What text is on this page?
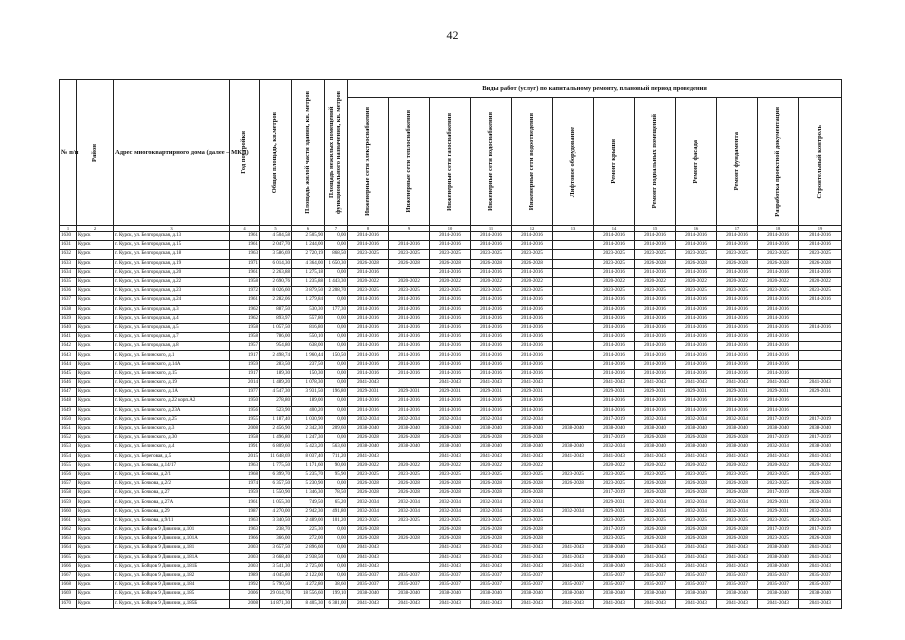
42
№ п/п	Район	Адрес многоквартирного дома (далее – МКД)	Год постройки	Общая площадь, кв.метров	Площадь жилой части здания, кв. метров	Площадь нежилых помещений функционального назначения, кв. метров	Виды работ (услуг) по капитальному ремонту, плановый период проведения											

							Инженерные сети электроснабжения	Инженерные сети теплоснабжения	Инженерные сети газоснабжения	Инженерные сети водоснабжения	Инженерные сети водоотведения	Лифтовое оборудование	Ремонт крыши	Ремонт подвальных помещений	Ремонт фасада	Ремонт фундамента	Разработка проектной документации	Строительный контроль

1	2	3	4	5	6	7	8	9	10	11	12	13	14	15	16	17	18	19
1630	Курск	г. Курск, ул. Белгородская, д.13	1961	4 504,58	2 505,90	0,00	2014-2016		2014-2016	2014-2016	2014-2016		2014-2016	2014-2016	2014-2016	2014-2016	2014-2016	2014-2016
1631	Курск	г. Курск, ул. Белгородская, д.15	1961	2 047,70	1 244,00	0,00	2014-2016	2014-2016	2014-2016	2014-2016	2014-2016		2014-2016	2014-2016	2014-2016	2014-2016	2014-2016	2014-2016
1632	Курск	г. Курск, ул. Белгородская, д.18	1963	3 586,69	2 720,19	868,50	2023-2025	2023-2025	2023-2025	2023-2025	2023-2025		2023-2025	2023-2025	2023-2025	2023-2025	2023-2025	2023-2025
1633	Курск	г. Курск, ул. Белгородская, д.19	1971	6 014,30	4 364,00	1 650,30	2026-2028	2026-2028	2026-2028	2026-2028	2026-2028		2023-2025	2026-2028	2026-2028	2026-2028	2026-2028	2026-2028
1634	Курск	г. Курск, ул. Белгородская, д.20	1961	2 263,88	1 275,18	0,00	2014-2016		2014-2016	2014-2016	2014-2016		2014-2016	2014-2016	2014-2016	2014-2016	2014-2016	2014-2016
1635	Курск	г. Курск, ул. Белгородская, д.22	1958	2 690,76	1 235,88	1 443,30	2020-2022	2020-2022	2020-2022	2020-2022	2020-2022		2020-2022	2020-2022	2020-2022	2020-2022	2020-2022	2020-2022
1636	Курск	г. Курск, ул. Белгородская, д.23	1972	8 026,60	3 879,50	2 208,70	2023-2025	2023-2025	2023-2025	2023-2025	2023-2025		2023-2025	2023-2025	2023-2025	2023-2025	2023-2025	2023-2025
1637	Курск	г. Курск, ул. Белгородская, д.24	1961	2 282,06	1 279,84	0,00	2014-2016	2014-2016	2014-2016	2014-2016	2014-2016		2014-2016	2014-2016	2014-2016	2014-2016	2014-2016	2014-2016
1638	Курск	г. Курск, ул. Белгородская, д.3	1962	887,50	530,30	177,30	2014-2016	2014-2016	2014-2016	2014-2016	2014-2016		2014-2016	2014-2016	2014-2016	2014-2016	2014-2016	
1639	Курск	г. Курск, ул. Белгородская, д.4	1962	893,97	557,80	0,00	2014-2016	2014-2016	2014-2016	2014-2016	2014-2016		2014-2016	2014-2016	2014-2016	2014-2016	2014-2016	
1640	Курск	г. Курск, ул. Белгородская, д.5	1958	1 057,50	816,80	0,00	2014-2016	2014-2016	2014-2016	2014-2016	2014-2016		2014-2016	2014-2016	2014-2016	2014-2016	2014-2016	2014-2016
1641	Курск	г. Курск, ул. Белгородская, д.7	1958	786,00	550,10	0,00	2014-2016	2014-2016	2014-2016	2014-2016	2014-2016		2014-2016	2014-2016	2014-2016	2014-2016	2014-2016	
1642	Курск	г. Курск, ул. Белгородская, д.8	1957	954,80	638,00	0,00	2014-2016	2014-2016	2014-2016	2014-2016	2014-2016		2014-2016	2014-2016	2014-2016	2014-2016	2014-2016	
1643	Курск	г. Курск, ул. Белинского, д.1	1917	2 498,74	1 960,44	150,50	2014-2016	2014-2016	2014-2016	2014-2016	2014-2016		2014-2016	2014-2016	2014-2016	2014-2016	2014-2016	
1644	Курск	г. Курск, ул. Белинского, д.14А	1959	283,50	237,50	0,00	2014-2016	2014-2016	2014-2016	2014-2016	2014-2016		2014-2016	2014-2016	2014-2016	2014-2016	2014-2016	
1645	Курск	г. Курск, ул. Белинского, д.15	1917	189,30	150,30	0,00	2014-2016	2014-2016	2014-2016	2014-2016	2014-2016		2014-2016	2014-2016	2014-2016	2014-2016	2014-2016	
1646	Курск	г. Курск, ул. Белинского, д.19	2014	1 489,20	1 078,30	0,00	2041-2043		2041-2043	2041-2043	2041-2043		2041-2043	2041-2043	2041-2043	2041-2043	2041-2043	2041-2043
1647	Курск	г. Курск, ул. Белинского, д.1А	1977	4 547,30	3 931,50	196,80	2029-2031	2029-2031	2029-2031	2029-2031	2029-2031		2029-2031	2029-2031	2029-2031	2029-2031	2029-2031	2029-2031
1648	Курск	г. Курск, ул. Белинского, д.22 корп.А2	1950	278,80	189,00	0,00	2014-2016	2014-2016	2014-2016	2014-2016	2014-2016		2014-2016	2014-2016	2014-2016	2014-2016	2014-2016	
1649	Курск	г. Курск, ул. Белинского, д.23А	1956	523,90	400,20	0,00	2014-2016	2014-2016	2014-2016	2014-2016	2014-2016		2014-2016	2014-2016	2014-2016	2014-2016	2014-2016	
1650	Курск	г. Курск, ул. Белинского, д.25	1955	1 187,40	1 030,90	0,00	2032-2034	2032-2034	2032-2034	2032-2034	2032-2034		2017-2019	2032-2034	2032-2034	2032-2034	2017-2019	2017-2019
1651	Курск	г. Курск, ул. Белинского, д.3	2008	2 456,90	2 342,30	209,60	2038-2040	2038-2040	2038-2040	2038-2040	2038-2040	2038-2040	2038-2040	2038-2040	2038-2040	2038-2040	2038-2040	2038-2040
1652	Курск	г. Курск, ул. Белинского, д.30	1958	1 496,80	1 247,30	0,00	2026-2028	2026-2028	2026-2028	2026-2028	2026-2028		2017-2019	2026-2028	2026-2028	2026-2028	2017-2019	2017-2019
1653	Курск	г. Курск, ул. Белинского, д.4	1991	6 809,60	5 423,20	563,60	2038-2040	2038-2040	2038-2040	2038-2040	2038-2040	2038-2040	2032-2034	2038-2040	2038-2040	2038-2040	2032-2034	2038-2040
1654	Курск	г. Курск, ул. Береговая, д.5	2015	11 648,69	8 037,40	711,20	2041-2043		2041-2043	2041-2043	2041-2043	2041-2043	2041-2043	2041-2043	2041-2043	2041-2043	2041-2043	2041-2043
1655	Курск	г. Курск, ул. Бочкова, д.14/17	1963	1 775,50	1 171,60	90,00	2020-2022	2020-2022	2020-2022	2020-2022	2020-2022		2020-2022	2020-2022	2020-2022	2020-2022	2020-2022	2020-2022
1656	Курск	г. Курск, ул. Бочкова, д.2/1	1968	6 399,70	5 235,70	95,90	2023-2025	2023-2025	2023-2025	2023-2025	2023-2025	2023-2025	2023-2025	2023-2025	2023-2025	2023-2025	2023-2025	2023-2025
1657	Курск	г. Курск, ул. Бочкова, д.2/2	1974	6 357,50	5 230,90	0,00	2026-2028	2026-2028	2026-2028	2026-2028	2026-2028	2026-2028	2023-2025	2026-2028	2026-2028	2026-2028	2023-2025	2026-2028
1658	Курск	г. Курск, ул. Бочкова, д.27	1959	1 550,90	1 346,30	78,50	2026-2028	2026-2028	2026-2028	2026-2028	2026-2028		2017-2019	2026-2028	2026-2028	2026-2028	2017-2019	2026-2028
1659	Курск	г. Курск, ул. Бочкова, д.27А	1961	1 055,30	749,50	65,20	2032-2034	2032-2034	2032-2034	2032-2034	2032-2034		2029-2031	2032-2034	2032-2034	2032-2034	2029-2031	2032-2034
1660	Курск	г. Курск, ул. Бочкова, д.29	1987	4 270,00	2 942,30	491,80	2032-2034	2032-2034	2032-2034	2032-2034	2032-2034	2032-2034	2029-2031	2032-2034	2032-2034	2032-2034	2029-2031	2032-2034
1661	Курск	г. Курск, ул. Бочкова, д.9/11	1963	3 340,50	2 489,00	101,20	2023-2025	2023-2025	2023-2025	2023-2025	2023-2025		2023-2025	2023-2025	2023-2025	2023-2025	2023-2025	2023-2025
1662	Курск	г. Курск, ул. Бойцов 9 Дивизии, д.101	1963	238,70	225,30	0,00	2026-2028		2026-2028	2026-2028	2026-2028		2017-2019	2026-2028	2026-2028	2026-2028	2017-2019	2017-2019
1663	Курск	г. Курск, ул. Бойцов 9 Дивизии, д.101А	1966	366,00	272,00	0,00	2026-2028	2026-2028	2026-2028	2026-2028	2026-2028		2023-2025	2026-2028	2026-2028	2026-2028	2023-2025	2026-2028
1664	Курск	г. Курск, ул. Бойцов 9 Дивизии, д.181	2003	3 657,50	2 896,60	0,00	2041-2043		2041-2043	2041-2043	2041-2043	2041-2043	2038-2040	2041-2043	2041-2043	2041-2043	2038-2040	2041-2043
1665	Курск	г. Курск, ул. Бойцов 9 Дивизии, д.181А	2003	3 668,40	2 938,50	0,00	2041-2043		2041-2043	2041-2043	2041-2043	2041-2043	2038-2040	2041-2043	2041-2043	2041-2043	2038-2040	2041-2043
1666	Курск	г. Курск, ул. Бойцов 9 Дивизии, д.181Б	2003	3 541,30	2 725,00	0,00	2041-2043		2041-2043	2041-2043	2041-2043	2041-2043	2038-2040	2041-2043	2041-2043	2041-2043	2038-2040	2041-2043
1667	Курск	г. Курск, ул. Бойцов 9 Дивизии, д.182	1989	4 045,80	2 122,00	0,00	2035-2037	2035-2037	2035-2037	2035-2037	2035-2037		2035-2037	2035-2037	2035-2037	2035-2037	2035-2037	2035-2037
1668	Курск	г. Курск, ул. Бойцов 9 Дивизии, д.184	1992	5 790,50	4 272,80	38,60	2035-2037	2035-2037	2035-2037	2035-2037	2035-2037	2035-2037	2035-2037	2035-2037	2035-2037	2035-2037	2035-2037	2035-2037
1669	Курск	г. Курск, ул. Бойцов 9 Дивизии, д.185	2006	29 014,70	18 556,60	199,10	2038-2040	2038-2040	2038-2040	2038-2040	2038-2040	2038-2040	2038-2040	2038-2040	2038-2040	2038-2040	2038-2040	2038-2040
1670	Курск	г. Курск, ул. Бойцов 9 Дивизии, д.185Б	2008	14 871,30	8 405,30	6 381,00	2041-2043	2041-2043	2041-2043	2041-2043	2041-2043	2041-2043	2041-2043	2041-2043	2041-2043	2041-2043	2041-2043	2041-2043
